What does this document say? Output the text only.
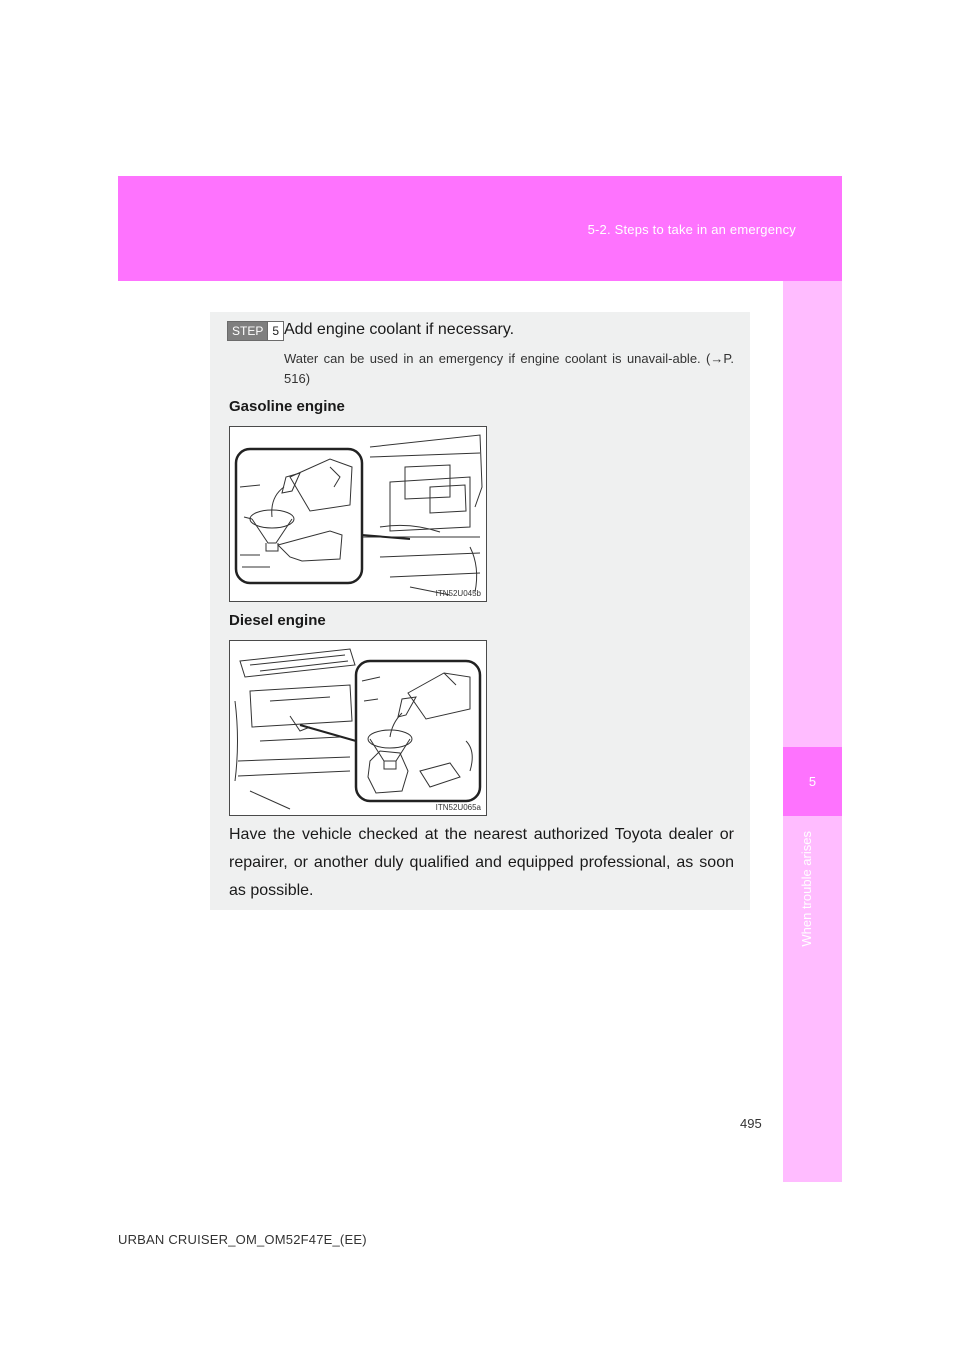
5-2. Steps to take in an emergency
5
When trouble arises
STEP 5 Add engine coolant if necessary.
Water can be used in an emergency if engine coolant is unavail-able. (→P. 516)
Gasoline engine
ITN52U045b
Diesel engine
ITN52U065a
Have the vehicle checked at the nearest authorized Toyota dealer or repairer, or another duly qualified and equipped professional, as soon as possible.
495
URBAN CRUISER_OM_OM52F47E_(EE)
